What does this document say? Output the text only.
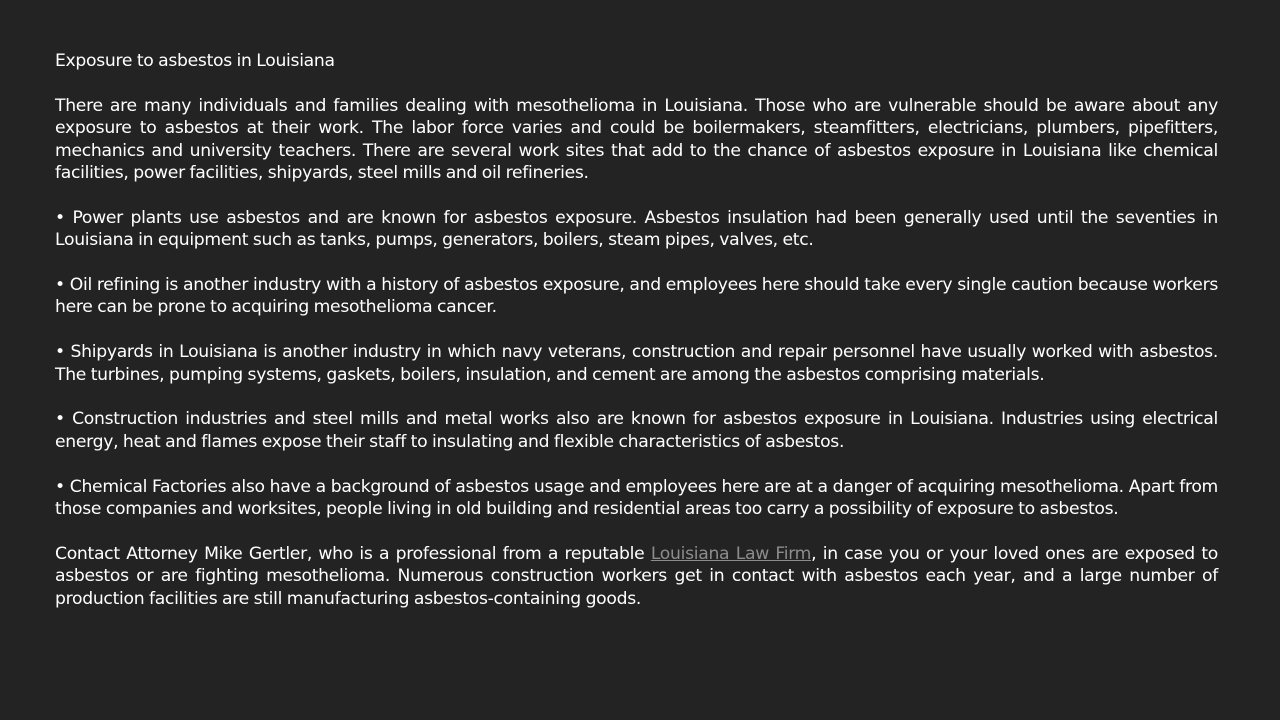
Exposure to asbestos in Louisiana

There are many individuals and families dealing with mesothelioma in Louisiana. Those who are vulnerable should be aware about any exposure to asbestos at their work. The labor force varies and could be boilermakers, steamfitters, electricians, plumbers, pipefitters, mechanics and university teachers. There are several work sites that add to the chance of asbestos exposure in Louisiana like chemical facilities, power facilities, shipyards, steel mills and oil refineries.

• Power plants use asbestos and are known for asbestos exposure. Asbestos insulation had been generally used until the seventies in Louisiana in equipment such as tanks, pumps, generators, boilers, steam pipes, valves, etc.

• Oil refining is another industry with a history of asbestos exposure, and employees here should take every single caution because workers here can be prone to acquiring mesothelioma cancer.

• Shipyards in Louisiana is another industry in which navy veterans, construction and repair personnel have usually worked with asbestos. The turbines, pumping systems, gaskets, boilers, insulation, and cement are among the asbestos comprising materials.

• Construction industries and steel mills and metal works also are known for asbestos exposure in Louisiana. Industries using electrical energy, heat and flames expose their staff to insulating and flexible characteristics of asbestos.

• Chemical Factories also have a background of asbestos usage and employees here are at a danger of acquiring mesothelioma. Apart from those companies and worksites, people living in old building and residential areas too carry a possibility of exposure to asbestos.

Contact Attorney Mike Gertler, who is a professional from a reputable Louisiana Law Firm, in case you or your loved ones are exposed to asbestos or are fighting mesothelioma. Numerous construction workers get in contact with asbestos each year, and a large number of production facilities are still manufacturing asbestos-containing goods.
